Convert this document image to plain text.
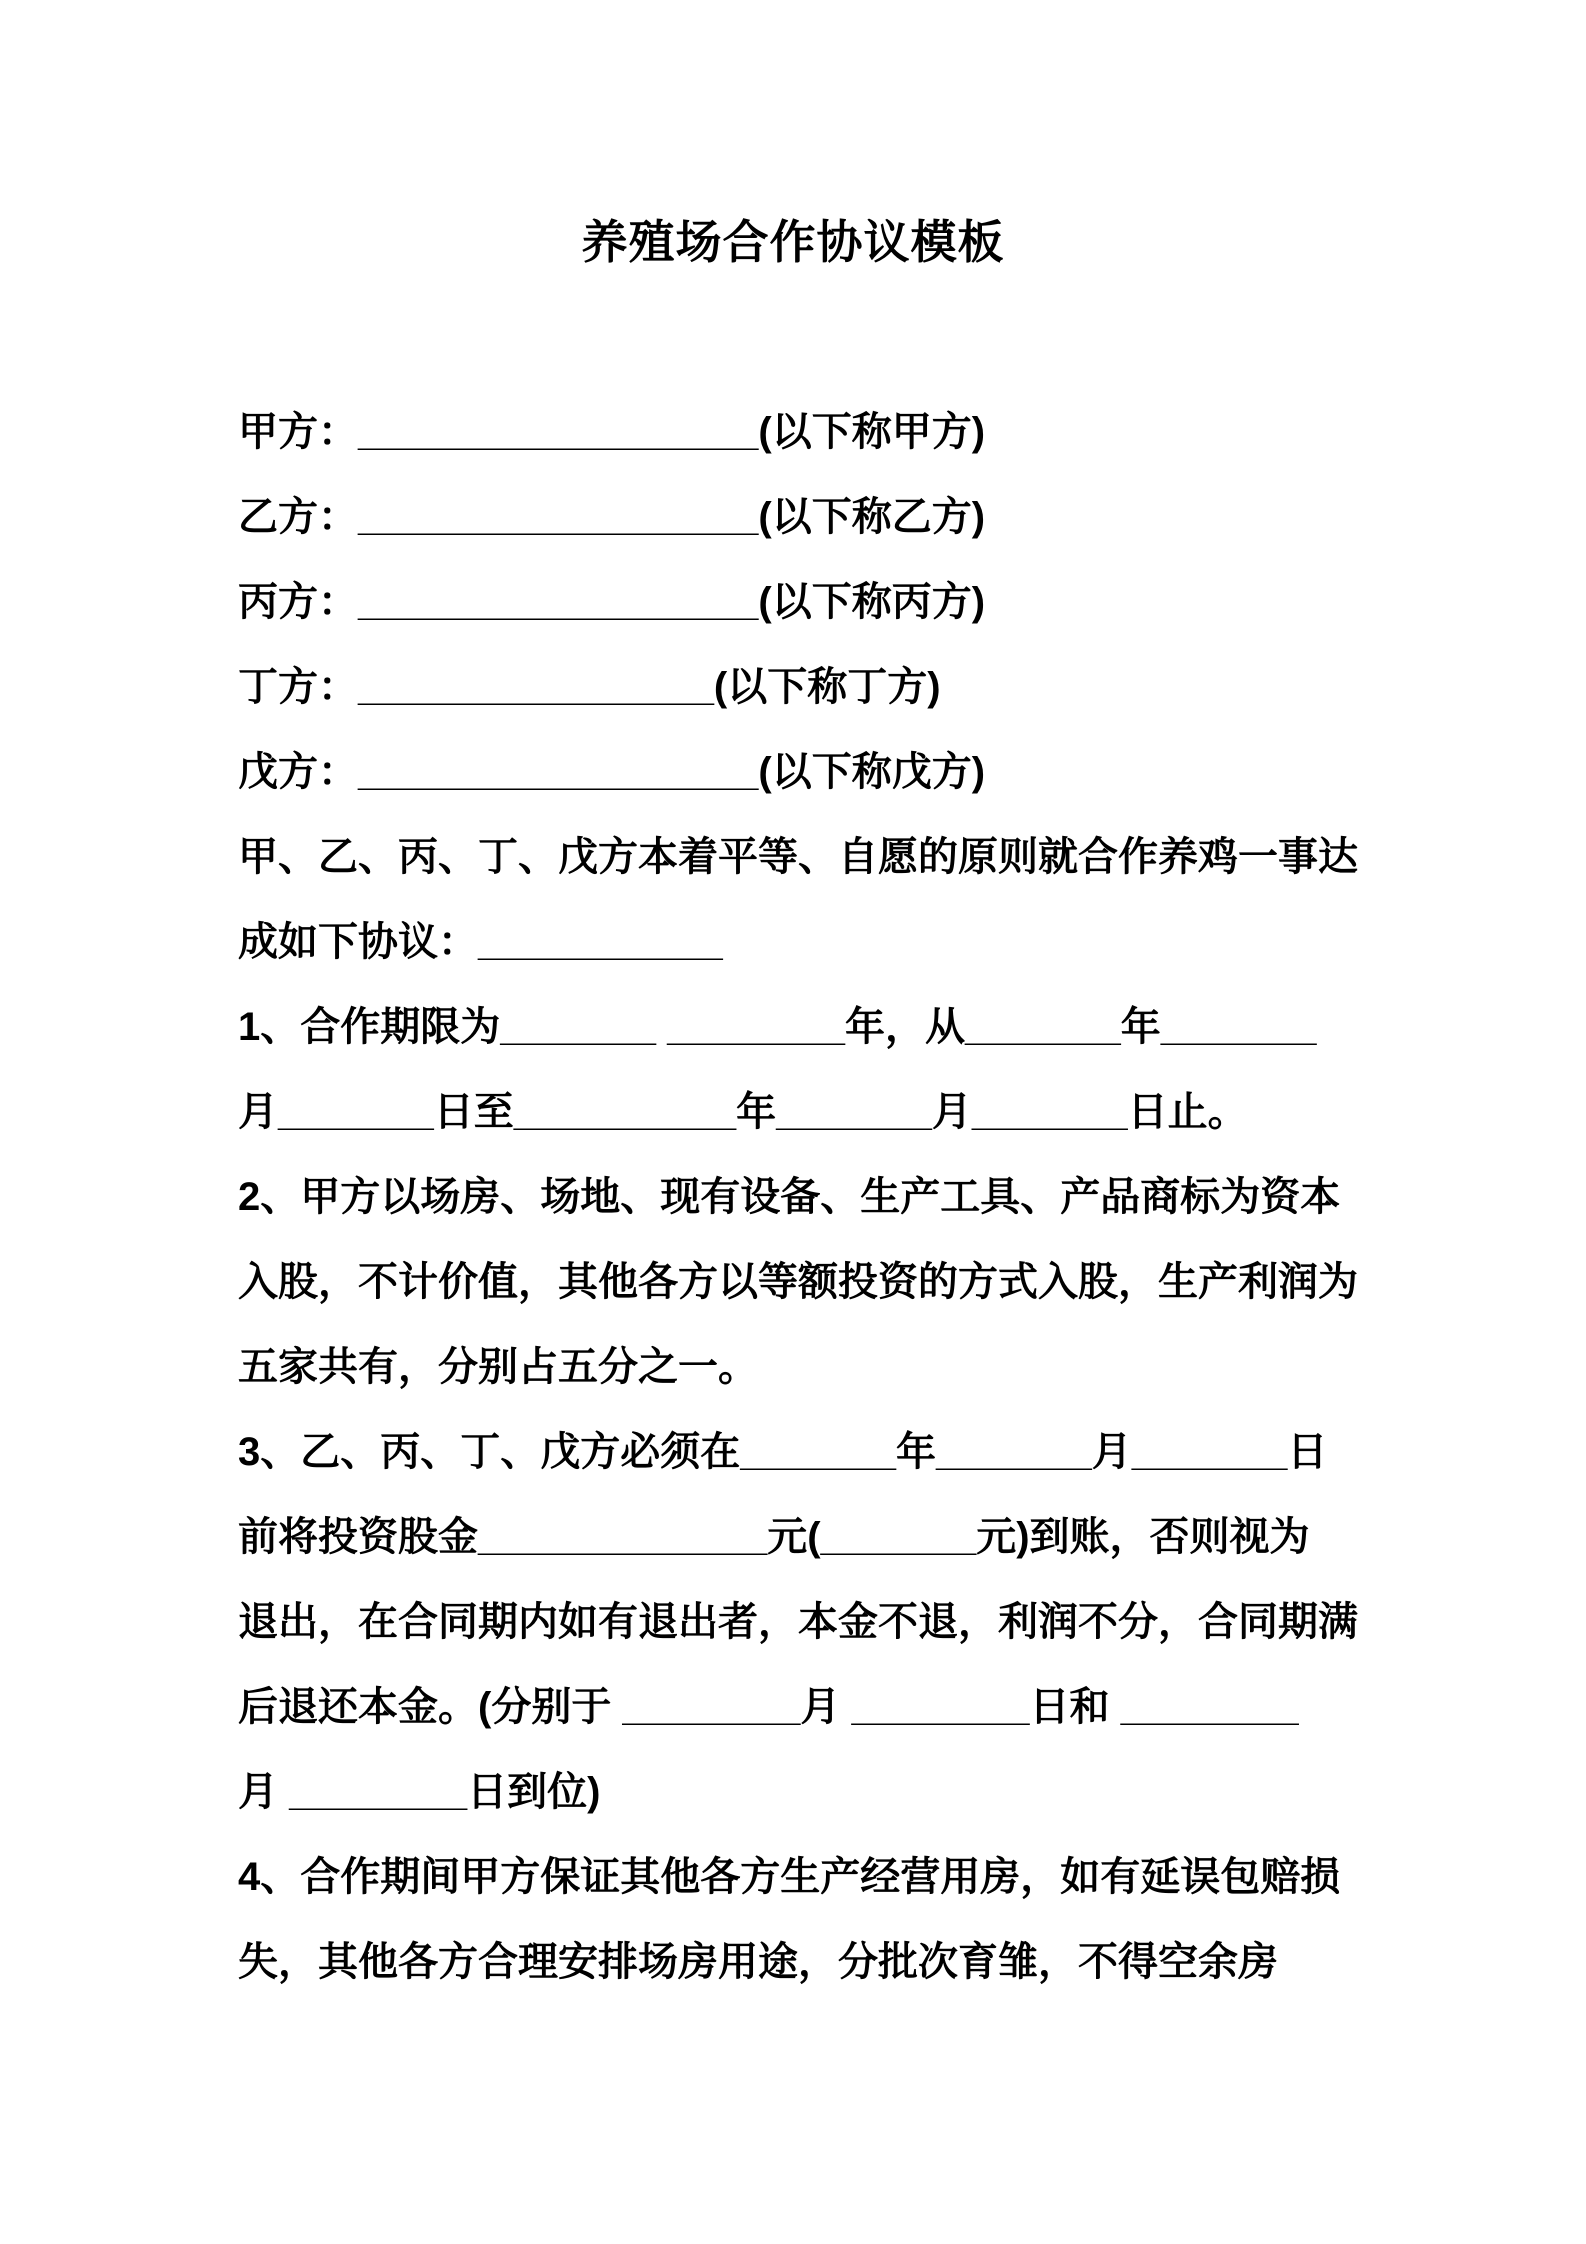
养殖场合作协议模板
甲方：__________________(以下称甲方)
乙方：__________________(以下称乙方)
丙方：__________________(以下称丙方)
丁方：________________(以下称丁方)
戊方：__________________(以下称戊方)
甲、乙、丙、丁、戊方本着平等、自愿的原则就合作养鸡一事达
成如下协议：___________
1、合作期限为_______ ________年，从_______年_______
月_______日至__________年_______月_______日止。
2、甲方以场房、场地、现有设备、生产工具、产品商标为资本
入股，不计价值，其他各方以等额投资的方式入股，生产利润为
五家共有，分别占五分之一。
3、乙、丙、丁、戊方必须在_______年_______月_______日
前将投资股金_____________元(_______元)到账，否则视为
退出，在合同期内如有退出者，本金不退，利润不分，合同期满
后退还本金。(分别于 ________月 ________日和 ________
月 ________日到位)
4、合作期间甲方保证其他各方生产经营用房，如有延误包赔损
失，其他各方合理安排场房用途，分批次育雏，不得空余房
